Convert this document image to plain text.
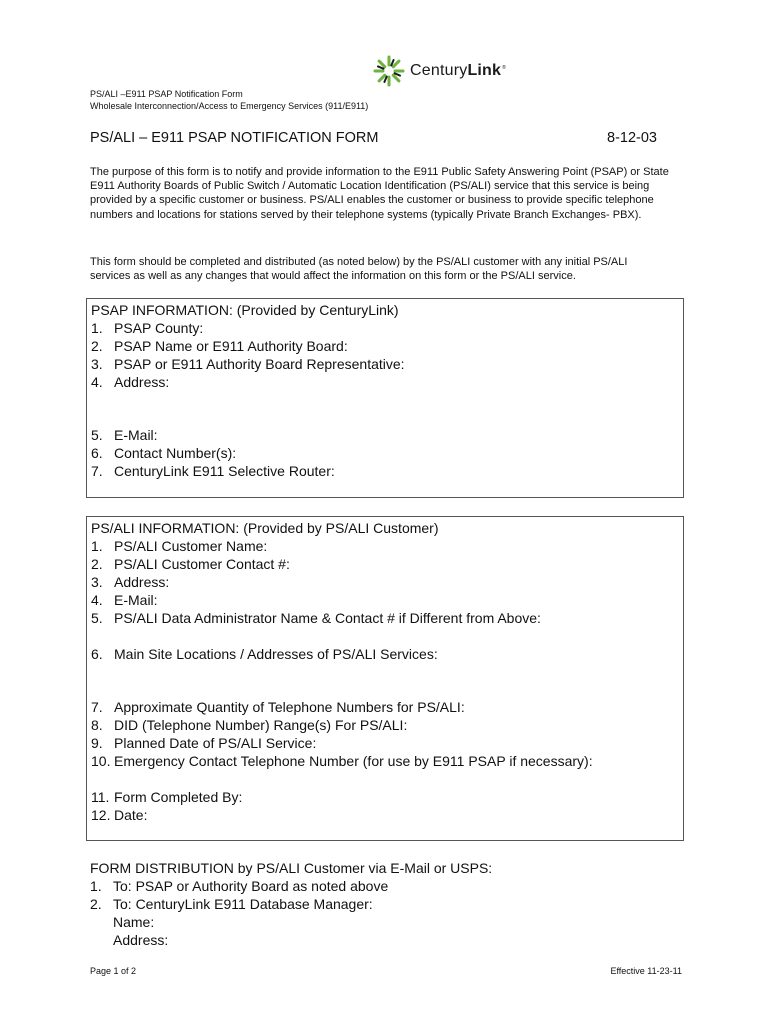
CenturyLink®
PS/ALI –E911 PSAP Notification Form
Wholesale Interconnection/Access to Emergency Services (911/E911)
PS/ALI – E911 PSAP NOTIFICATION FORM	8-12-03
The purpose of this form is to notify and provide information to the E911 Public Safety Answering Point (PSAP) or State E911 Authority Boards of Public Switch / Automatic Location Identification (PS/ALI) service that this service is being provided by a specific customer or business. PS/ALI enables the customer or business to provide specific telephone numbers and locations for stations served by their telephone systems (typically Private Branch Exchanges- PBX).
This form should be completed and distributed (as noted below) by the PS/ALI customer with any initial PS/ALI services as well as any changes that would affect the information on this form or the PS/ALI service.
PSAP INFORMATION: (Provided by CenturyLink)
1. PSAP County:
2. PSAP Name or E911 Authority Board:
3. PSAP or E911 Authority Board Representative:
4. Address:
5. E-Mail:
6. Contact Number(s):
7. CenturyLink E911 Selective Router:
PS/ALI INFORMATION: (Provided by PS/ALI Customer)
1. PS/ALI Customer Name:
2. PS/ALI Customer Contact #:
3. Address:
4. E-Mail:
5. PS/ALI Data Administrator Name & Contact # if Different from Above:
6. Main Site Locations / Addresses of PS/ALI Services:
7. Approximate Quantity of Telephone Numbers for PS/ALI:
8. DID (Telephone Number) Range(s) For PS/ALI:
9. Planned Date of PS/ALI Service:
10. Emergency Contact Telephone Number (for use by E911 PSAP if necessary):
11. Form Completed By:
12. Date:
FORM DISTRIBUTION by PS/ALI Customer via E-Mail or USPS:
1. To: PSAP or Authority Board as noted above
2. To: CenturyLink E911 Database Manager:
Name:
Address:
Page 1 of 2	Effective 11-23-11
